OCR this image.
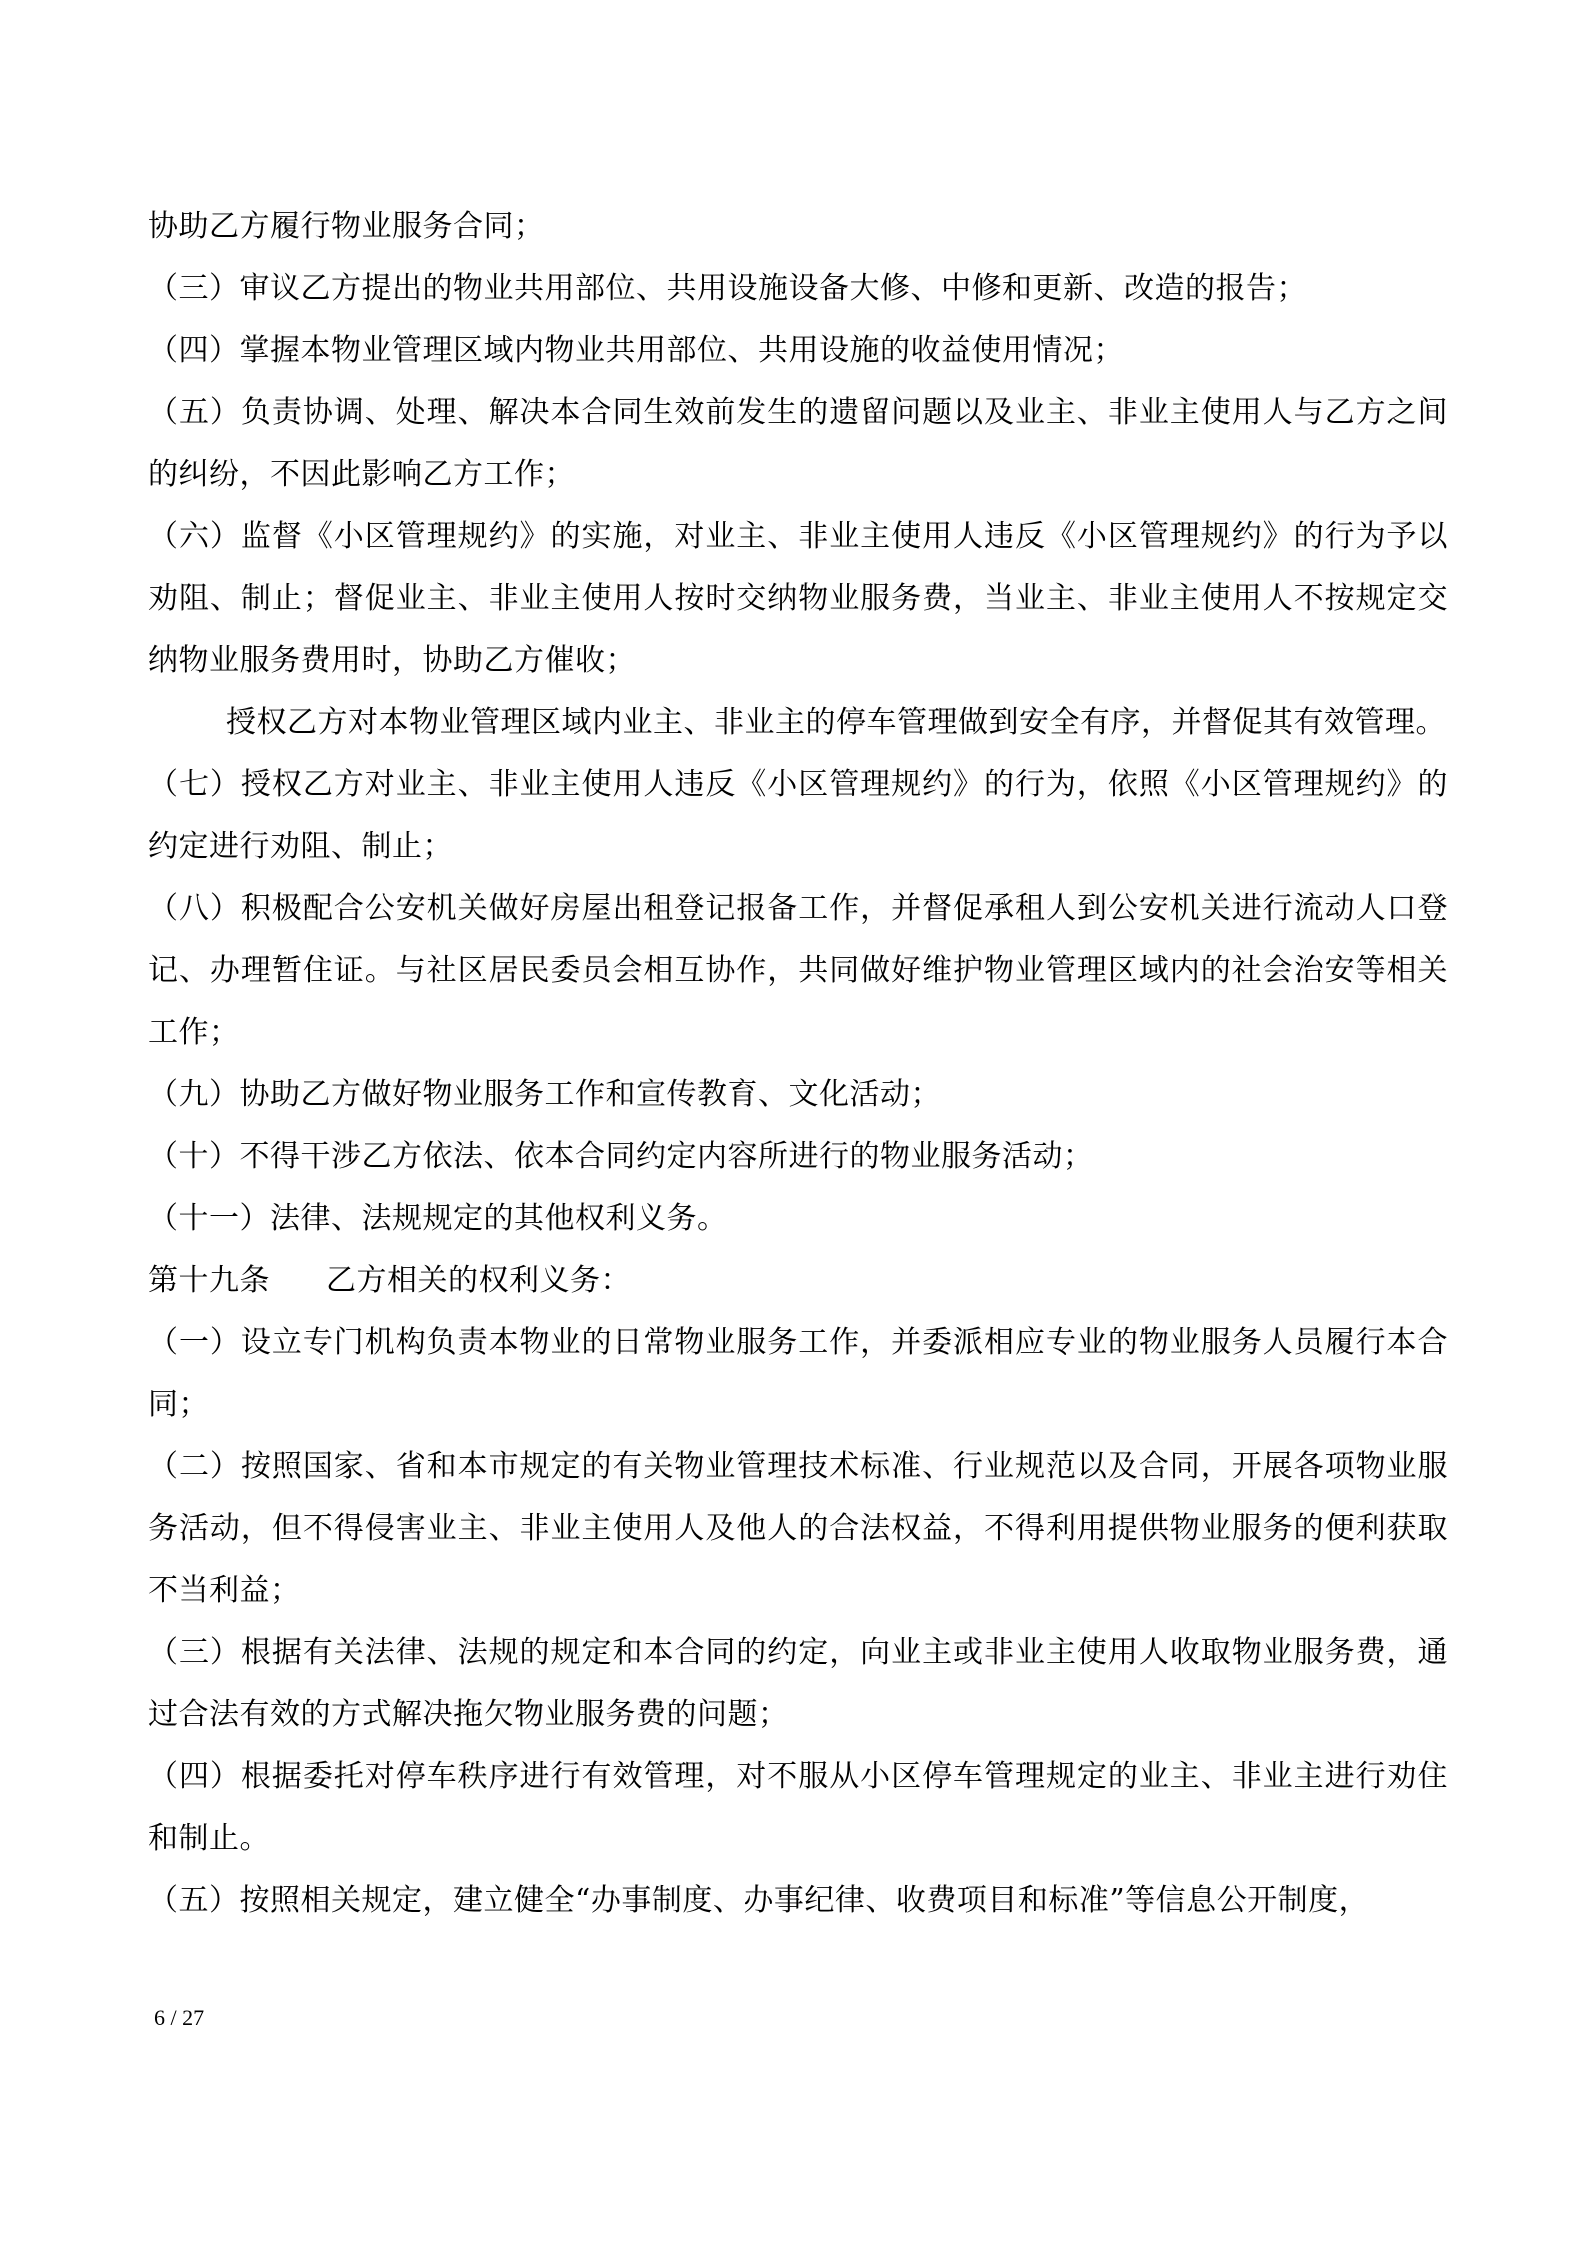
协助乙方履行物业服务合同；

（三）审议乙方提出的物业共用部位、共用设施设备大修、中修和更新、改造的报告；

（四）掌握本物业管理区域内物业共用部位、共用设施的收益使用情况；

（五）负责协调、处理、解决本合同生效前发生的遗留问题以及业主、非业主使用人与乙方之间的纠纷，不因此影响乙方工作；

（六）监督《小区管理规约》的实施，对业主、非业主使用人违反《小区管理规约》的行为予以劝阻、制止；督促业主、非业主使用人按时交纳物业服务费，当业主、非业主使用人不按规定交纳物业服务费用时，协助乙方催收；

授权乙方对本物业管理区域内业主、非业主的停车管理做到安全有序，并督促其有效管理。

（七）授权乙方对业主、非业主使用人违反《小区管理规约》的行为，依照《小区管理规约》的约定进行劝阻、制止；

（八）积极配合公安机关做好房屋出租登记报备工作，并督促承租人到公安机关进行流动人口登记、办理暂住证。与社区居民委员会相互协作，共同做好维护物业管理区域内的社会治安等相关工作；

（九）协助乙方做好物业服务工作和宣传教育、文化活动；

（十）不得干涉乙方依法、依本合同约定内容所进行的物业服务活动；

（十一）法律、法规规定的其他权利义务。

第十九条 乙方相关的权利义务：

（一）设立专门机构负责本物业的日常物业服务工作，并委派相应专业的物业服务人员履行本合同；

（二）按照国家、省和本市规定的有关物业管理技术标准、行业规范以及合同，开展各项物业服务活动，但不得侵害业主、非业主使用人及他人的合法权益，不得利用提供物业服务的便利获取不当利益；

（三）根据有关法律、法规的规定和本合同的约定，向业主或非业主使用人收取物业服务费，通过合法有效的方式解决拖欠物业服务费的问题；

（四）根据委托对停车秩序进行有效管理，对不服从小区停车管理规定的业主、非业主进行劝住和制止。

（五）按照相关规定，建立健全“办事制度、办事纪律、收费项目和标准”等信息公开制度，

6 / 27
